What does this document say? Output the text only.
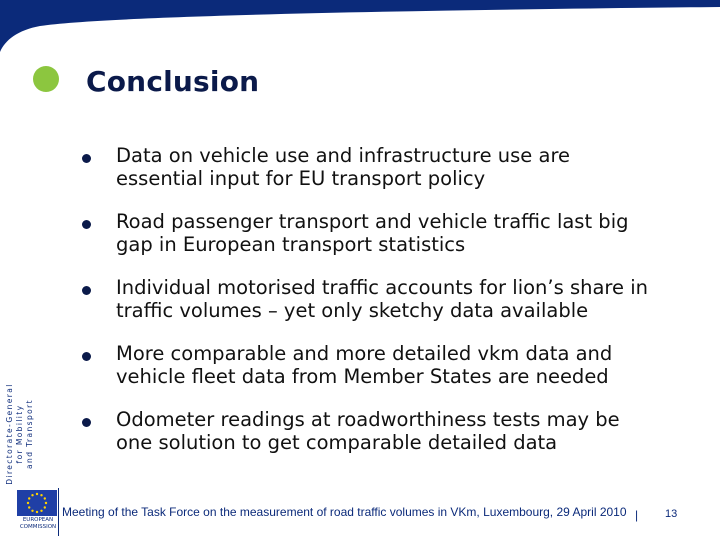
Conclusion
Data on vehicle use and infrastructure use are
essential input for EU transport policy
Road passenger transport and vehicle traffic last big
gap in European transport statistics
Individual motorised traffic accounts for lion’s share in
traffic volumes – yet only sketchy data available
More comparable and more detailed vkm data and
vehicle fleet data from Member States are needed
Odometer readings at roadworthiness tests may be
one solution to get comparable detailed data
Directorate-General for Mobility and Transport
EUROPEAN
COMMISSION
Meeting of the Task Force on the measurement of road traffic volumes in VKm, Luxembourg, 29 April 2010 | 13
